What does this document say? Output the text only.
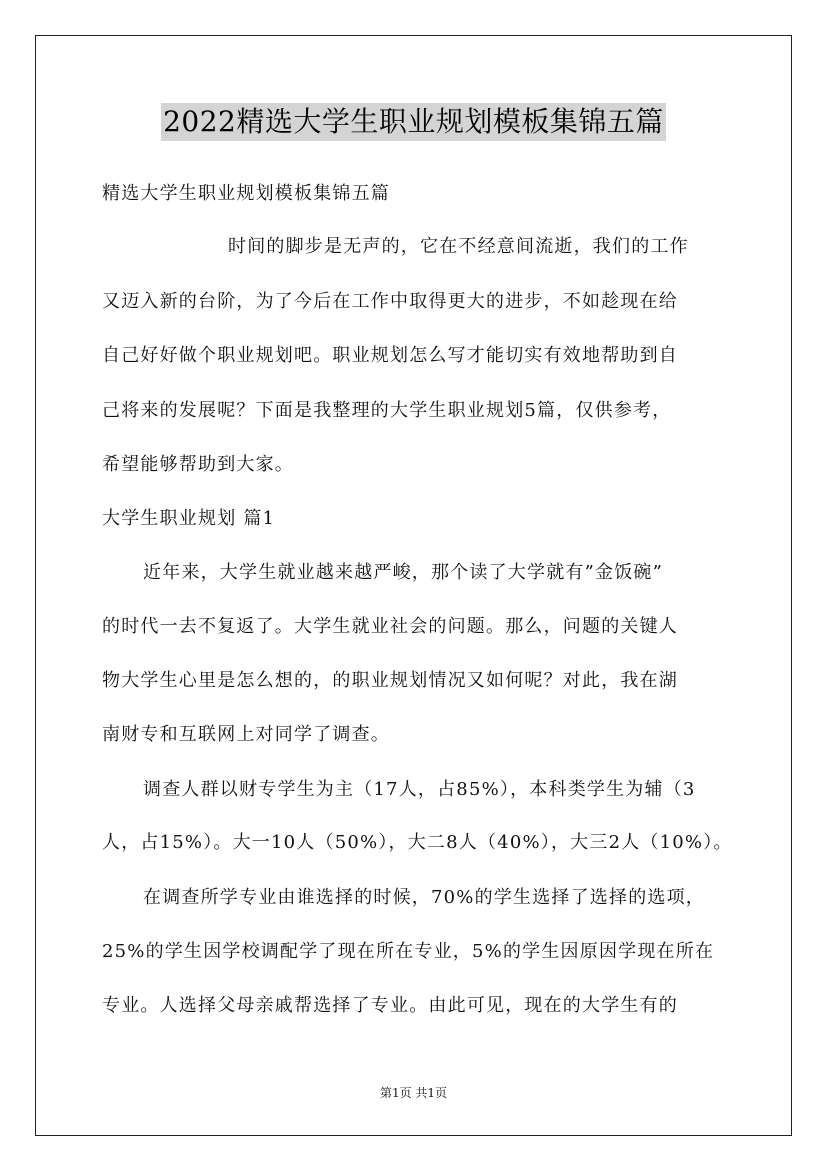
2022精选大学生职业规划模板集锦五篇
精选大学生职业规划模板集锦五篇
时间的脚步是无声的，它在不经意间流逝，我们的工作
又迈入新的台阶，为了今后在工作中取得更大的进步，不如趁现在给
自己好好做个职业规划吧。职业规划怎么写才能切实有效地帮助到自
己将来的发展呢？下面是我整理的大学生职业规划5篇，仅供参考，
希望能够帮助到大家。
大学生职业规划 篇1
近年来，大学生就业越来越严峻，那个读了大学就有”金饭碗”
的时代一去不复返了。大学生就业社会的问题。那么，问题的关键人
物大学生心里是怎么想的，的职业规划情况又如何呢？对此，我在湖
南财专和互联网上对同学了调查。
调查人群以财专学生为主（17人，占85%），本科类学生为辅（3
人，占15%）。大一10人（50%），大二8人（40%），大三2人（10%）。
在调查所学专业由谁选择的时候，70%的学生选择了选择的选项，
25%的学生因学校调配学了现在所在专业，5%的学生因原因学现在所在
专业。人选择父母亲戚帮选择了专业。由此可见，现在的大学生有的
第1页 共1页
